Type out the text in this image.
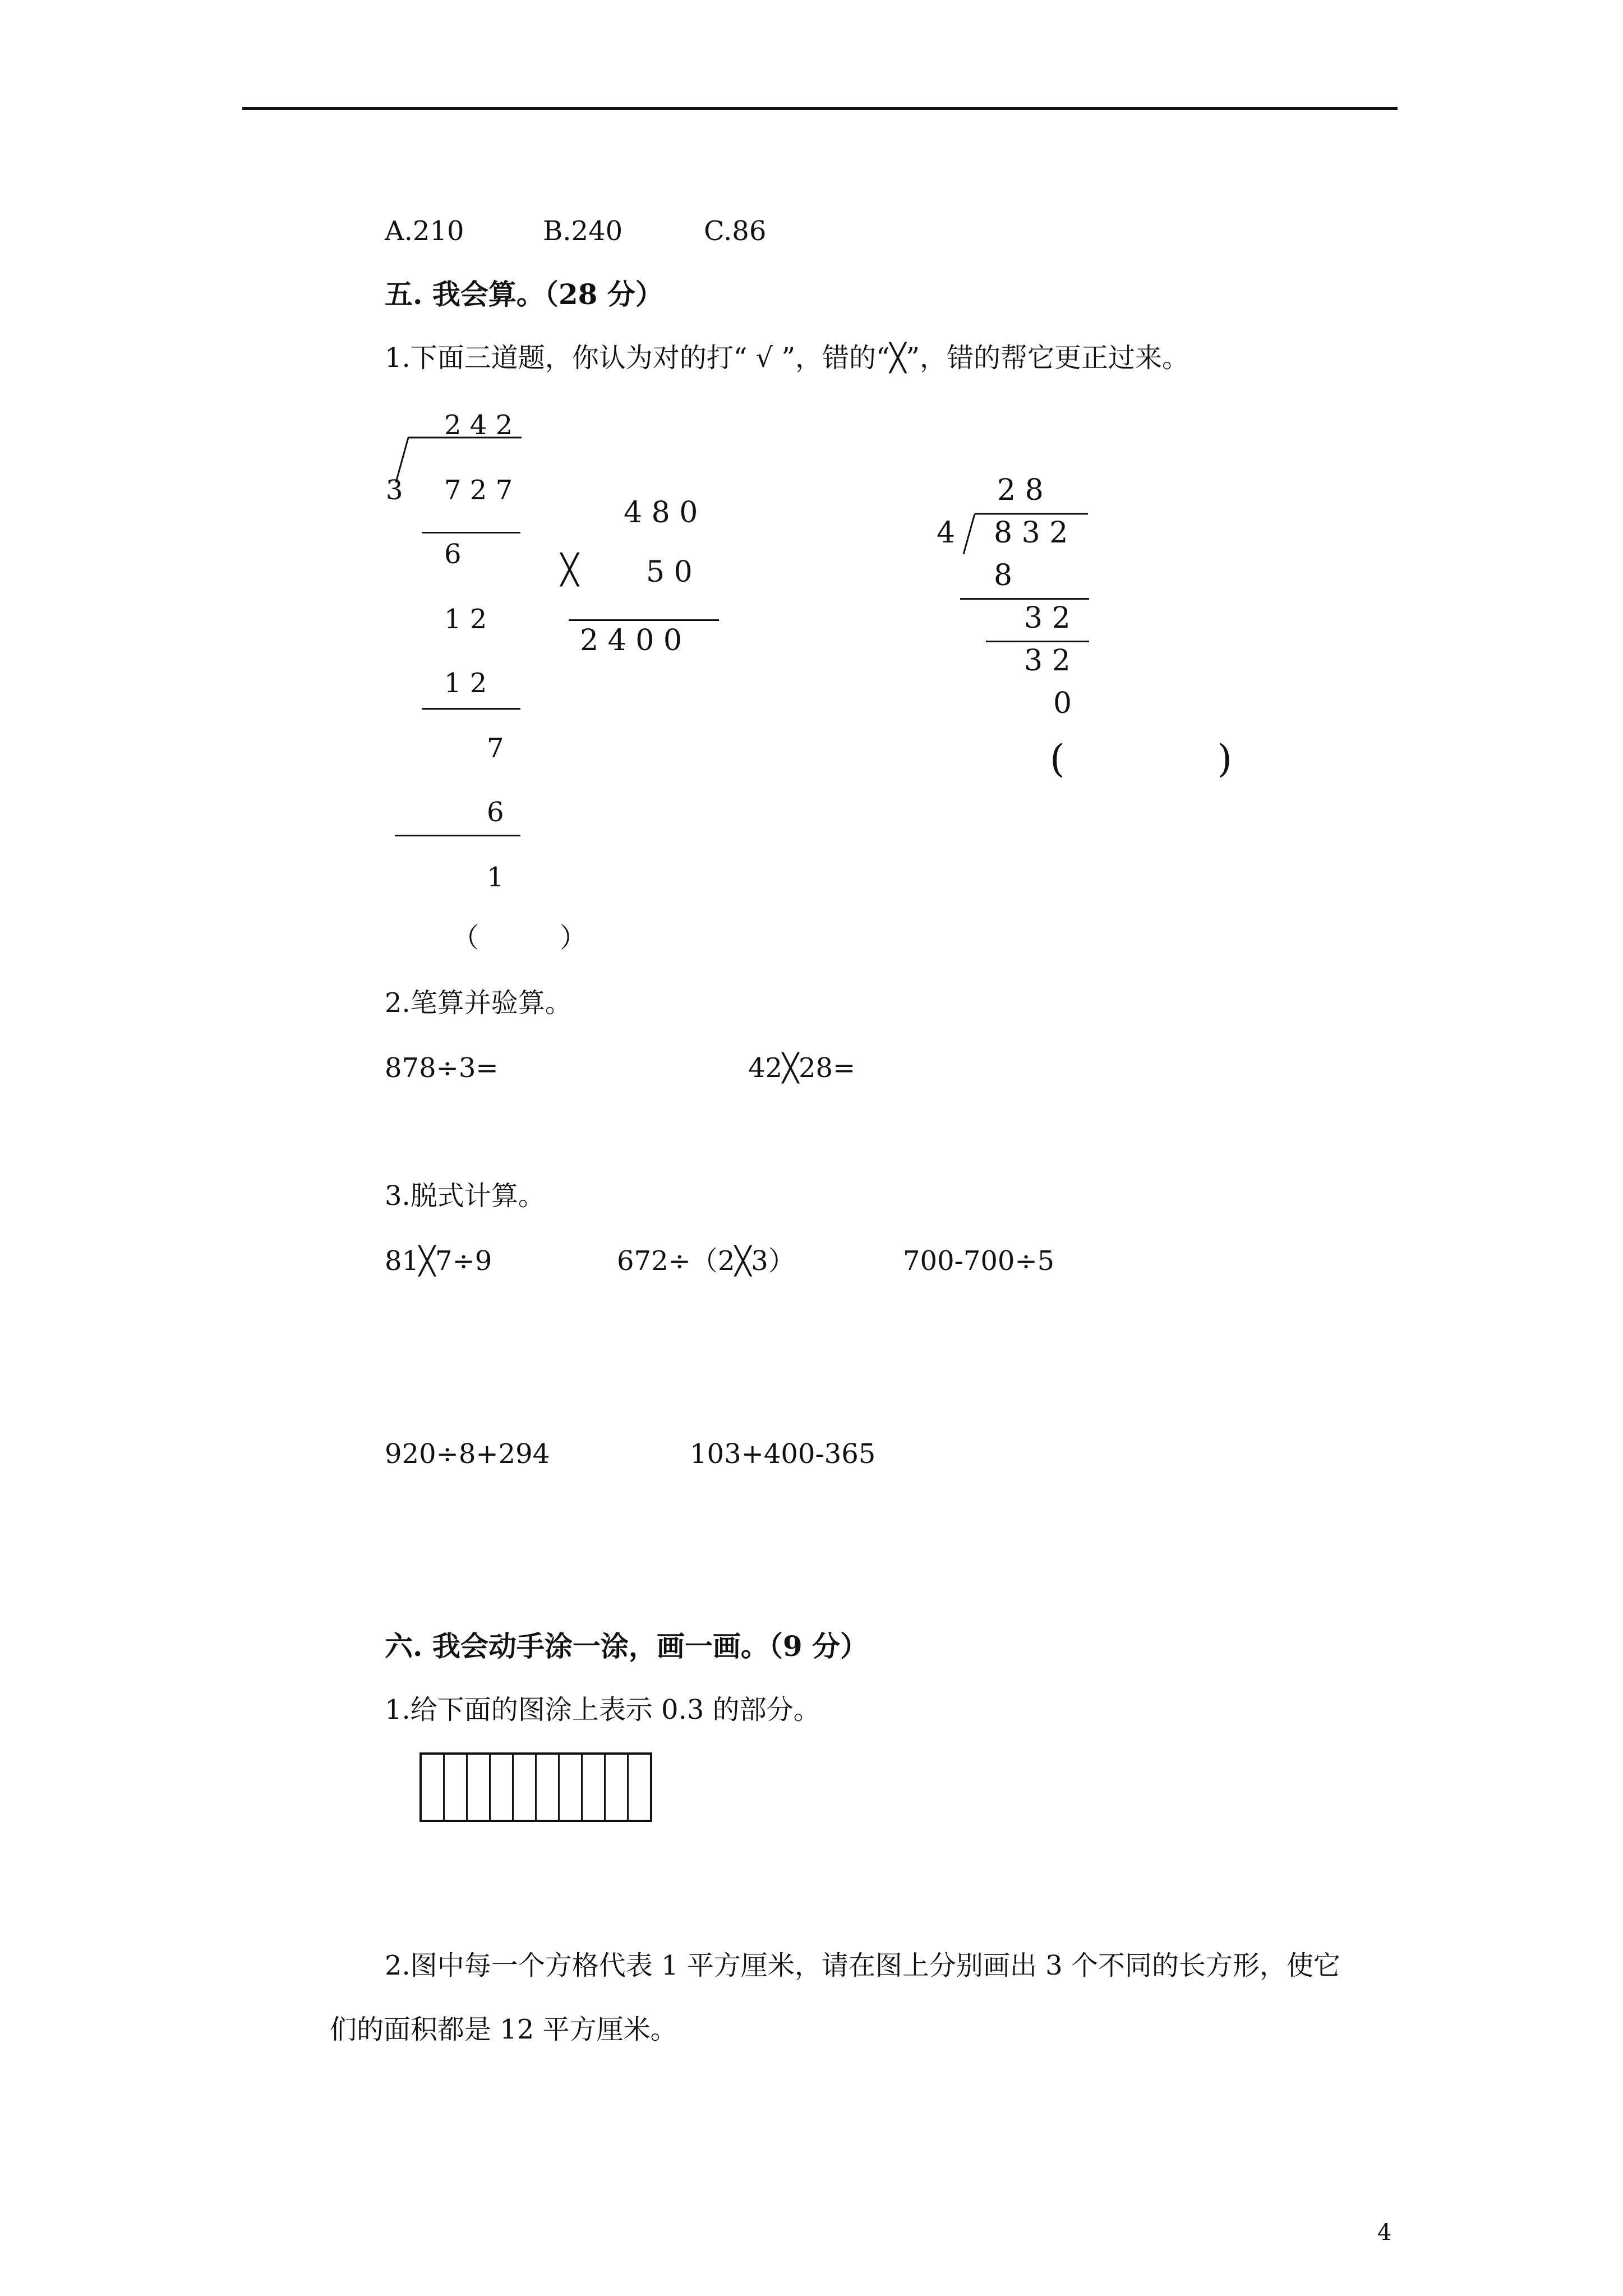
A.210	B.240	C.86
五. 我会算。（28 分）
1.下面三道题，你认为对的打“ √ ”，错的“╳”，错的帮它更正过来。
2 4 2
3 7 2 7
6
1 2
1 2
7
6
1
（　　　）
4 8 0
╳ 5 0
2 4 0 0
2 8
4 8 3 2
8
3 2
3 2
0
(　　　　)
2.笔算并验算。
878÷3=	42╳28=
3.脱式计算。
81╳7÷9	672÷（2╳3）	700-700÷5
920÷8+294	103+400-365
六. 我会动手涂一涂，画一画。（9 分）
1.给下面的图涂上表示 0.3 的部分。
2.图中每一个方格代表 1 平方厘米，请在图上分别画出 3 个不同的长方形，使它
们的面积都是 12 平方厘米。
4
